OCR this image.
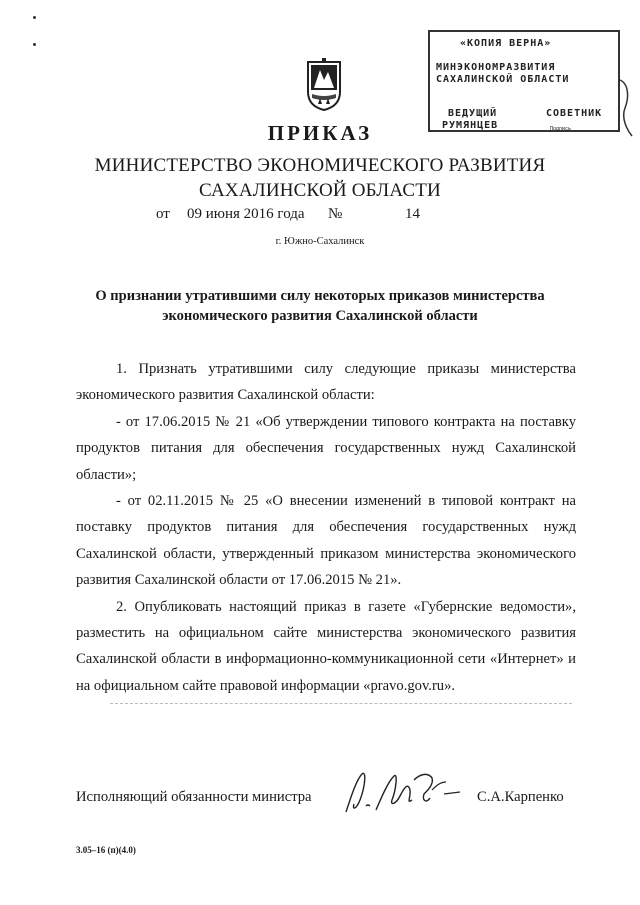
«КОПИЯ ВЕРНА»
МИНЭКОНОМРАЗВИТИЯ
САХАЛИНСКОЙ ОБЛАСТИ
ВЕДУЩИЙ	СОВЕТНИК
РУМЯНЦЕВ	Подпись
ПРИКАЗ
МИНИСТЕРСТВО ЭКОНОМИЧЕСКОГО РАЗВИТИЯ
САХАЛИНСКОЙ ОБЛАСТИ
от 09 июня 2016 года №	14
г. Южно-Сахалинск
О признании утратившими силу некоторых приказов министерства
экономического развития Сахалинской области

1. Признать утратившими силу следующие приказы министерства экономического развития Сахалинской области:

- от 17.06.2015 № 21 «Об утверждении типового контракта на поставку продуктов питания для обеспечения государственных нужд Сахалинской области»;

- от 02.11.2015 № 25 «О внесении изменений в типовой контракт на поставку продуктов питания для обеспечения государственных нужд Сахалинской области, утвержденный приказом министерства экономического развития Сахалинской области от 17.06.2015 № 21».

2. Опубликовать настоящий приказ в газете «Губернские ведомости», разместить на официальном сайте министерства экономического развития Сахалинской области в информационно-коммуникационной сети «Интернет» и на официальном сайте правовой информации «pravo.gov.ru».

Исполняющий обязанности министра	С.А.Карпенко
3.05–16 (п)(4.0)
